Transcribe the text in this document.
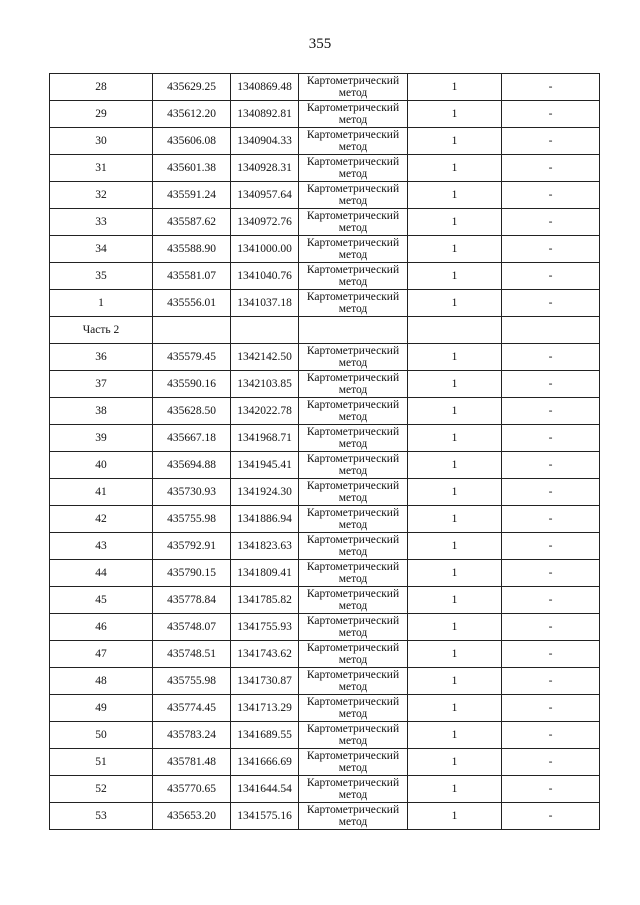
355
28	435629.25	1340869.48	Картометрический
метод	1	-
29	435612.20	1340892.81	Картометрический
метод	1	-
30	435606.08	1340904.33	Картометрический
метод	1	-
31	435601.38	1340928.31	Картометрический
метод	1	-
32	435591.24	1340957.64	Картометрический
метод	1	-
33	435587.62	1340972.76	Картометрический
метод	1	-
34	435588.90	1341000.00	Картометрический
метод	1	-
35	435581.07	1341040.76	Картометрический
метод	1	-
1	435556.01	1341037.18	Картометрический
метод	1	-
Часть 2					
36	435579.45	1342142.50	Картометрический
метод	1	-
37	435590.16	1342103.85	Картометрический
метод	1	-
38	435628.50	1342022.78	Картометрический
метод	1	-
39	435667.18	1341968.71	Картометрический
метод	1	-
40	435694.88	1341945.41	Картометрический
метод	1	-
41	435730.93	1341924.30	Картометрический
метод	1	-
42	435755.98	1341886.94	Картометрический
метод	1	-
43	435792.91	1341823.63	Картометрический
метод	1	-
44	435790.15	1341809.41	Картометрический
метод	1	-
45	435778.84	1341785.82	Картометрический
метод	1	-
46	435748.07	1341755.93	Картометрический
метод	1	-
47	435748.51	1341743.62	Картометрический
метод	1	-
48	435755.98	1341730.87	Картометрический
метод	1	-
49	435774.45	1341713.29	Картометрический
метод	1	-
50	435783.24	1341689.55	Картометрический
метод	1	-
51	435781.48	1341666.69	Картометрический
метод	1	-
52	435770.65	1341644.54	Картометрический
метод	1	-
53	435653.20	1341575.16	Картометрический
метод	1	-
